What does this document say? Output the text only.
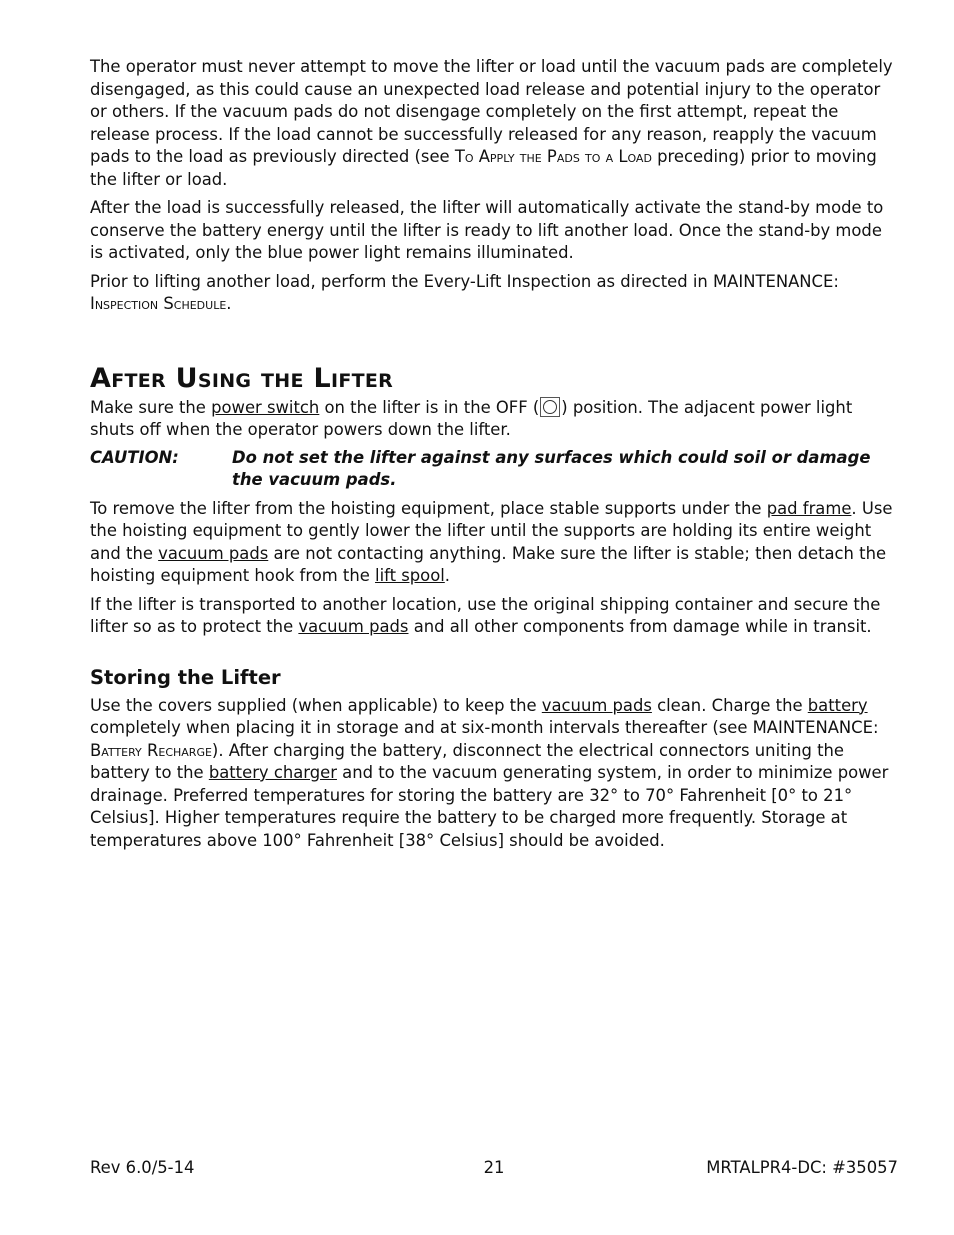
The operator must never attempt to move the lifter or load until the vacuum pads are completely disengaged, as this could cause an unexpected load release and potential injury to the operator or others. If the vacuum pads do not disengage completely on the first attempt, repeat the release process. If the load cannot be successfully released for any reason, reapply the vacuum pads to the load as previously directed (see To Apply the Pads to a Load preceding) prior to moving the lifter or load.

After the load is successfully released, the lifter will automatically activate the stand-by mode to conserve the battery energy until the lifter is ready to lift another load. Once the stand-by mode is activated, only the blue power light remains illuminated.

Prior to lifting another load, perform the Every-Lift Inspection as directed in MAINTENANCE: Inspection Schedule.

After Using the Lifter

Make sure the power switch on the lifter is in the OFF ( ) position. The adjacent power light shuts off when the operator powers down the lifter.

CAUTION:	Do not set the lifter against any surfaces which could soil or damage the vacuum pads.

To remove the lifter from the hoisting equipment, place stable supports under the pad frame. Use the hoisting equipment to gently lower the lifter until the supports are holding its entire weight and the vacuum pads are not contacting anything. Make sure the lifter is stable; then detach the hoisting equipment hook from the lift spool.

If the lifter is transported to another location, use the original shipping container and secure the lifter so as to protect the vacuum pads and all other components from damage while in transit.

Storing the Lifter

Use the covers supplied (when applicable) to keep the vacuum pads clean. Charge the battery completely when placing it in storage and at six-month intervals thereafter (see MAINTENANCE: Battery Recharge). After charging the battery, disconnect the electrical connectors uniting the battery to the battery charger and to the vacuum generating system, in order to minimize power drainage. Preferred temperatures for storing the battery are 32° to 70° Fahrenheit [0° to 21° Celsius]. Higher temperatures require the battery to be charged more frequently. Storage at temperatures above 100° Fahrenheit [38° Celsius] should be avoided.

Rev 6.0/5-14	21	MRTALPR4-DC: #35057
